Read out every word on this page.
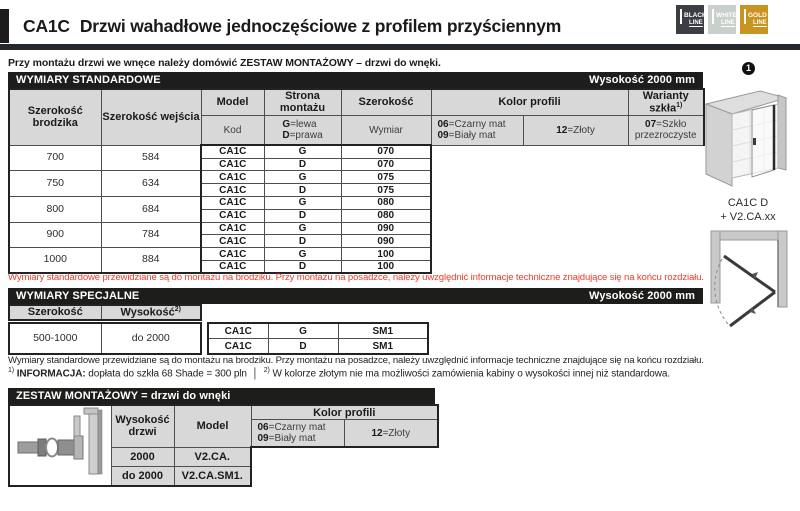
CA1C Drzwi wahadłowe jednoczęściowe z profilem przyściennym	BLACK
LINE
WHITE
LINE
GOLD
LINE
Przy montażu drzwi we wnęce należy domówić ZESTAW MONTAŻOWY – drzwi do wnęki.
WYMIARY STANDARDOWE	Wysokość 2000 mm
Szerokość brodzika	Szerokość wejścia	Model	Strona montażu	Szerokość	Kolor profili		Warianty szkła$^{1)}$
		Kod	G=lewa
D=prawa	Wymiar	06=Czarny mat
09=Biały mat	12=Złoty	07=Szkło
przezroczyste
700	584	CA1C	G	070			
		CA1C	D	070			
750	634	CA1C	G	075			
		CA1C	D	075			
800	684	CA1C	G	080			
		CA1C	D	080			
900	784	CA1C	G	090			
		CA1C	D	090			
1000	884	CA1C	G	100			
		CA1C	D	100			
Wymiary standardowe przewidziane są do montażu na brodziku. Przy montażu na posadzce, należy uwzględnić informacje techniczne znajdujące się na końcu rozdziału.
WYMIARY SPECJALNE	Wysokość 2000 mm
Szerokość	Wysokość$^{2)}$	
500-1000	do 2000		CA1C	G	SM1	
			CA1C	D	SM1	
Wymiary standardowe przewidziane są do montażu na brodziku. Przy montażu na posadzce, należy uwzględnić informacje techniczne znajdujące się na końcu rozdziału.
$^{1)}$ INFORMACJA: dopłata do szkła 68 Shade = 300 pln │ $^{2)}$ W kolorze złotym nie ma możliwości zamówienia kabiny o wysokości innej niż standardowa.
ZESTAW MONTAŻOWY = drzwi do wnęki
	Wysokość drzwi	Model	Kolor profili	
			06=Czarny mat
09=Biały mat	12=Złoty
	2000	V2.CA.		
	do 2000	V2.CA.SM1.		
1
CA1C D
+ V2.CA.xx
